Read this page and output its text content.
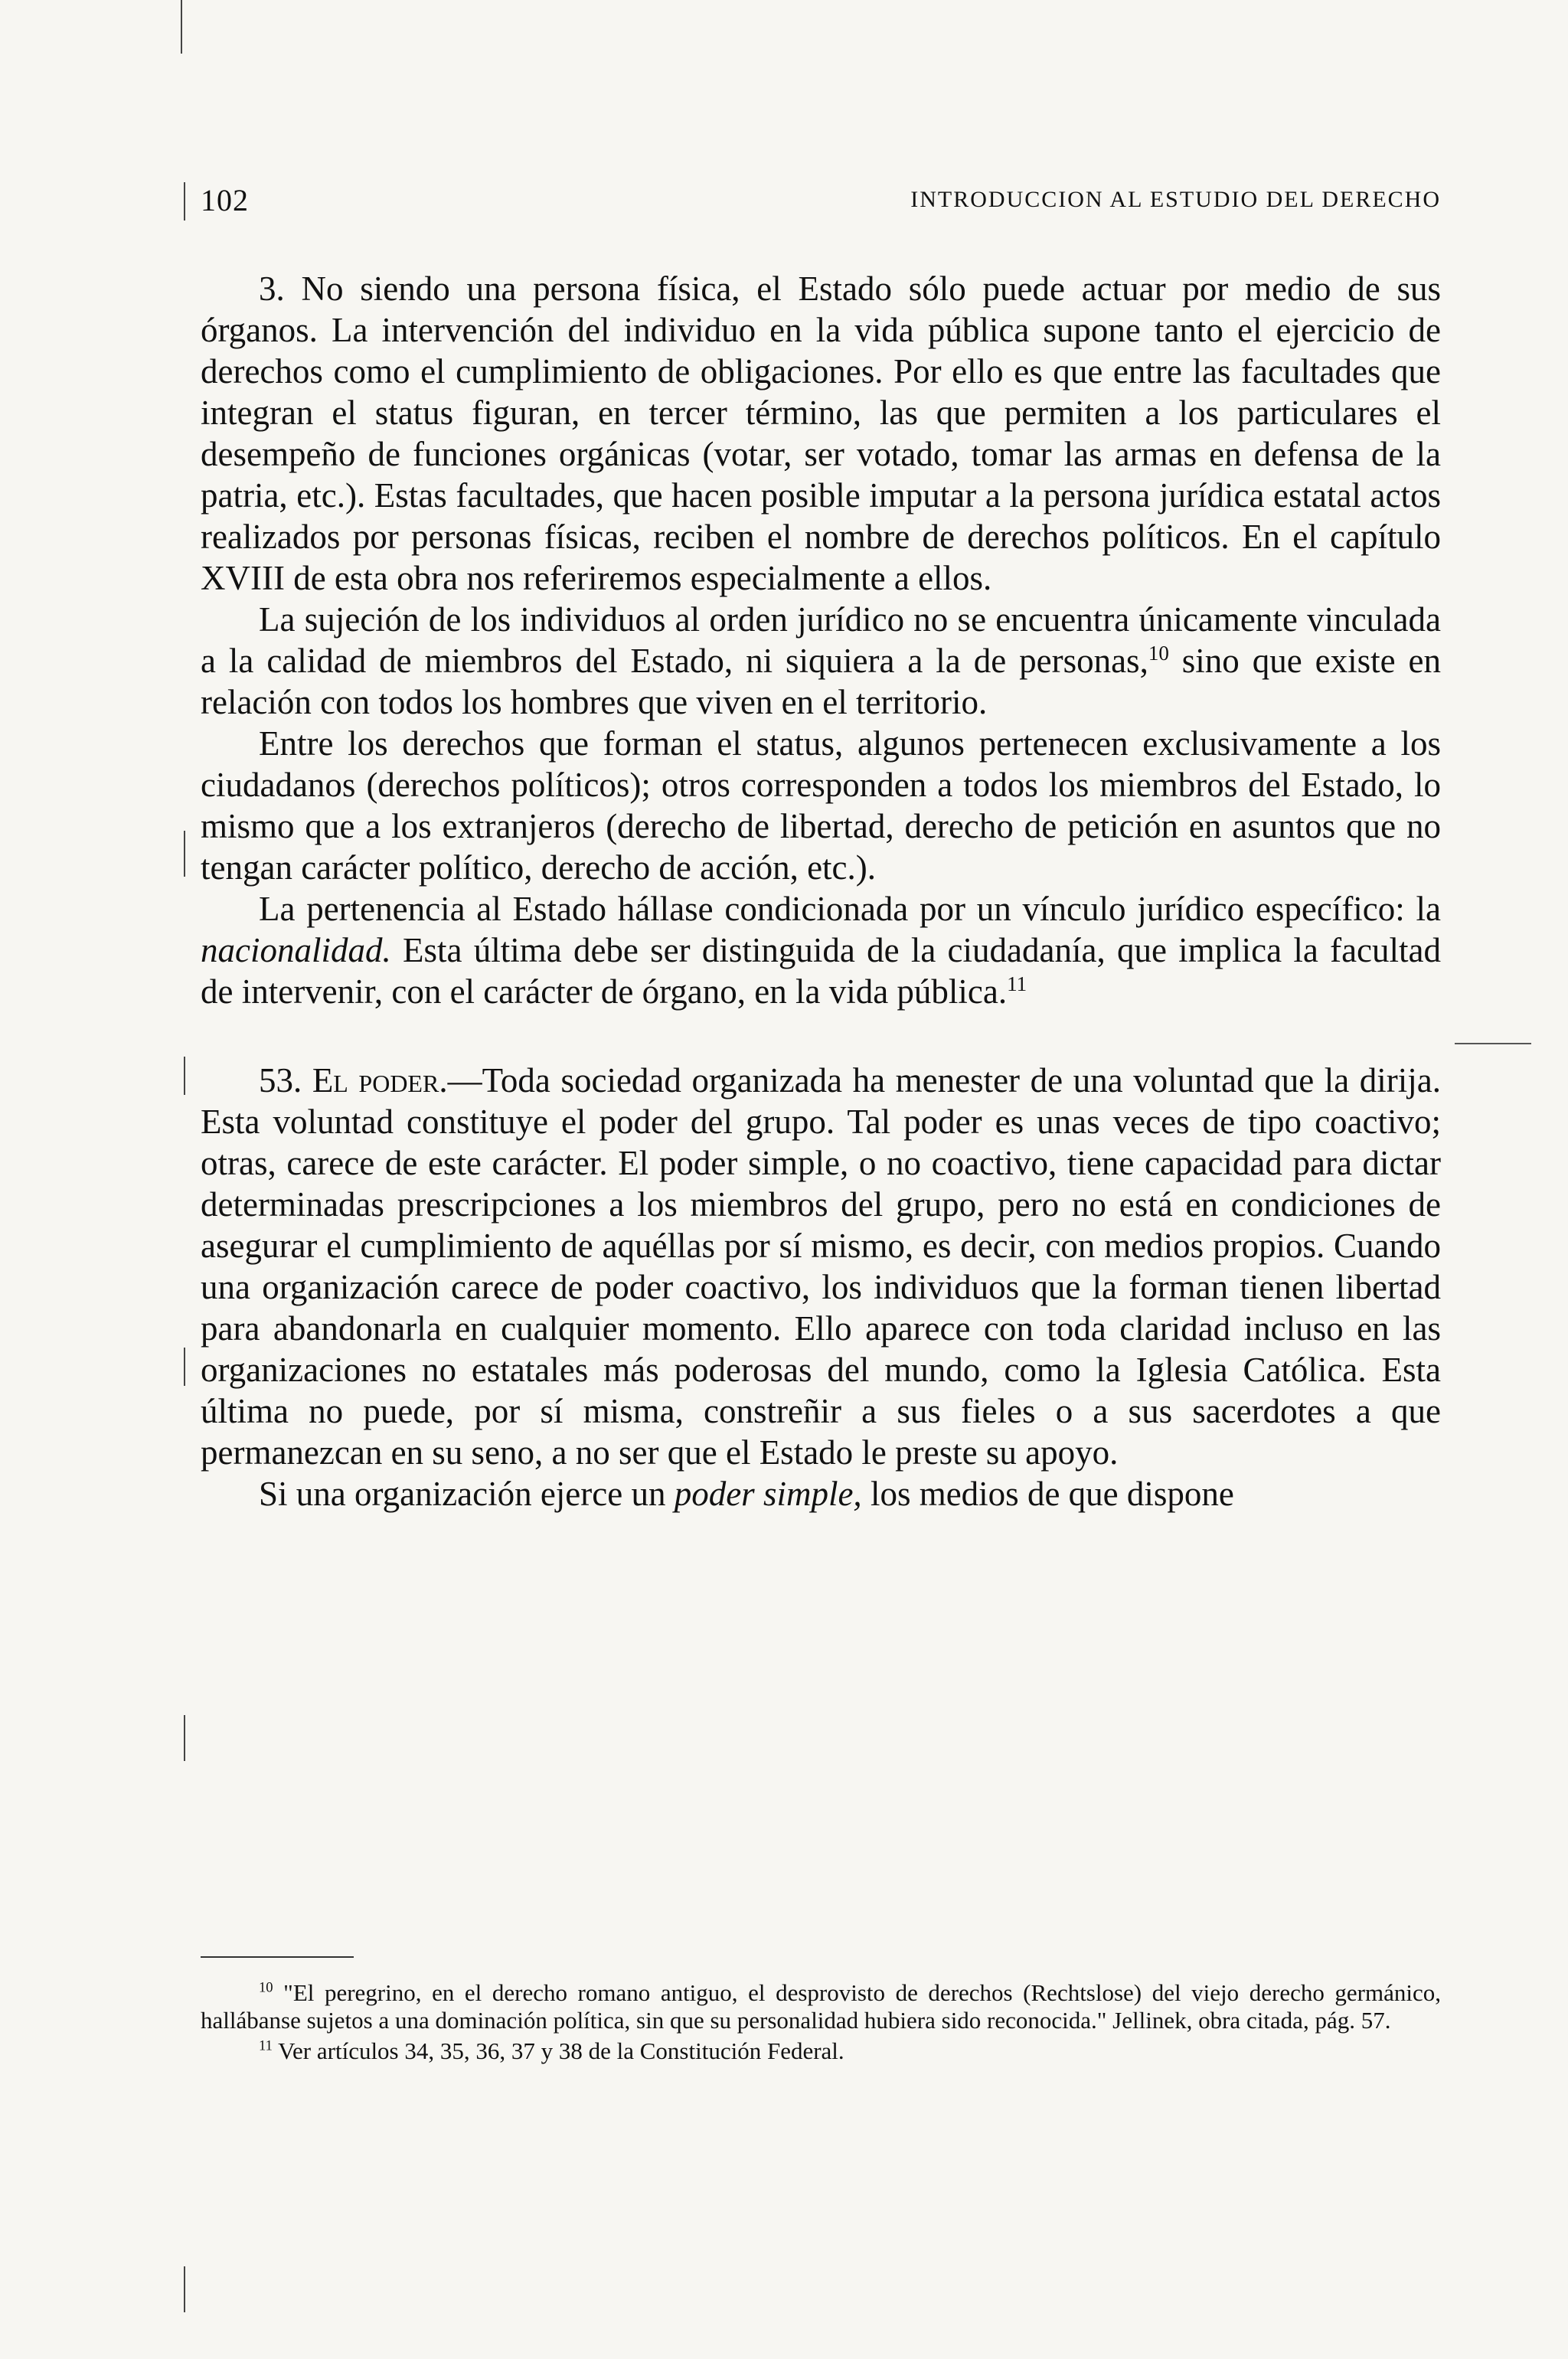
102	INTRODUCCION AL ESTUDIO DEL DERECHO

3. No siendo una persona física, el Estado sólo puede actuar por medio de sus órganos. La intervención del individuo en la vida pública supone tanto el ejercicio de derechos como el cumplimiento de obligaciones. Por ello es que entre las facultades que integran el status figuran, en tercer término, las que permiten a los particulares el desempeño de funciones orgánicas (votar, ser votado, tomar las armas en defensa de la patria, etc.). Estas facultades, que hacen posible imputar a la persona jurídica estatal actos realizados por personas físicas, reciben el nombre de derechos políticos. En el capítulo XVIII de esta obra nos referiremos especialmente a ellos.

La sujeción de los individuos al orden jurídico no se encuentra únicamente vinculada a la calidad de miembros del Estado, ni siquiera a la de personas,$^{10}$ sino que existe en relación con todos los hombres que viven en el territorio.

Entre los derechos que forman el status, algunos pertenecen exclusivamente a los ciudadanos (derechos políticos); otros corresponden a todos los miembros del Estado, lo mismo que a los extranjeros (derecho de libertad, derecho de petición en asuntos que no tengan carácter político, derecho de acción, etc.).

La pertenencia al Estado hállase condicionada por un vínculo jurídico específico: la nacionalidad. Esta última debe ser distinguida de la ciudadanía, que implica la facultad de intervenir, con el carácter de órgano, en la vida pública.$^{11}$

53. El poder.—Toda sociedad organizada ha menester de una voluntad que la dirija. Esta voluntad constituye el poder del grupo. Tal poder es unas veces de tipo coactivo; otras, carece de este carácter. El poder simple, o no coactivo, tiene capacidad para dictar determinadas prescripciones a los miembros del grupo, pero no está en condiciones de asegurar el cumplimiento de aquéllas por sí mismo, es decir, con medios propios. Cuando una organización carece de poder coactivo, los individuos que la forman tienen libertad para abandonarla en cualquier momento. Ello aparece con toda claridad incluso en las organizaciones no estatales más poderosas del mundo, como la Iglesia Católica. Esta última no puede, por sí misma, constreñir a sus fieles o a sus sacerdotes a que permanezcan en su seno, a no ser que el Estado le preste su apoyo.

Si una organización ejerce un poder simple, los medios de que dispone

$^{10}$ "El peregrino, en el derecho romano antiguo, el desprovisto de derechos (Rechtslose) del viejo derecho germánico, hallábanse sujetos a una dominación política, sin que su personalidad hubiera sido reconocida." Jellinek, obra citada, pág. 57.

$^{11}$ Ver artículos 34, 35, 36, 37 y 38 de la Constitución Federal.
